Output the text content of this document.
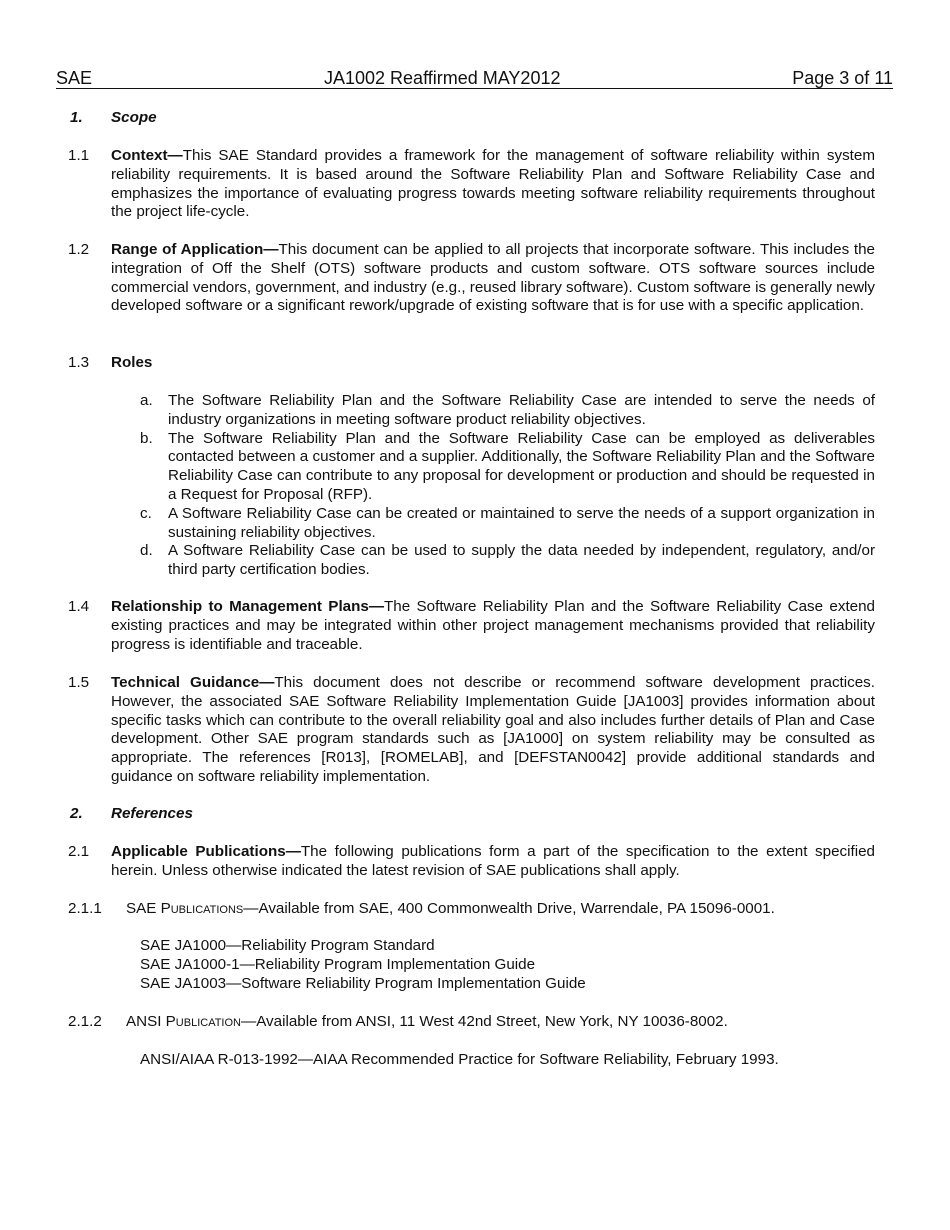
SAE	JA1002 Reaffirmed MAY2012	Page 3 of 11
1. Scope
1.1 Context—This SAE Standard provides a framework for the management of software reliability within system reliability requirements. It is based around the Software Reliability Plan and Software Reliability Case and emphasizes the importance of evaluating progress towards meeting software reliability requirements throughout the project life-cycle.

1.2 Range of Application—This document can be applied to all projects that incorporate software. This includes the integration of Off the Shelf (OTS) software products and custom software. OTS software sources include commercial vendors, government, and industry (e.g., reused library software). Custom software is generally newly developed software or a significant rework/upgrade of existing software that is for use with a specific application.

1.3 Roles
a. The Software Reliability Plan and the Software Reliability Case are intended to serve the needs of industry organizations in meeting software product reliability objectives.
b. The Software Reliability Plan and the Software Reliability Case can be employed as deliverables contacted between a customer and a supplier. Additionally, the Software Reliability Plan and the Software Reliability Case can contribute to any proposal for development or production and should be requested in a Request for Proposal (RFP).
c. A Software Reliability Case can be created or maintained to serve the needs of a support organization in sustaining reliability objectives.
d. A Software Reliability Case can be used to supply the data needed by independent, regulatory, and/or third party certification bodies.
1.4 Relationship to Management Plans—The Software Reliability Plan and the Software Reliability Case extend existing practices and may be integrated within other project management mechanisms provided that reliability progress is identifiable and traceable.

1.5 Technical Guidance—This document does not describe or recommend software development practices. However, the associated SAE Software Reliability Implementation Guide [JA1003] provides information about specific tasks which can contribute to the overall reliability goal and also includes further details of Plan and Case development. Other SAE program standards such as [JA1000] on system reliability may be consulted as appropriate. The references [R013], [ROMELAB], and [DEFSTAN0042] provide additional standards and guidance on software reliability implementation.

2. References
2.1 Applicable Publications—The following publications form a part of the specification to the extent specified herein. Unless otherwise indicated the latest revision of SAE publications shall apply.

2.1.1 SAE Publications—Available from SAE, 400 Commonwealth Drive, Warrendale, PA 15096-0001.
SAE JA1000—Reliability Program Standard
SAE JA1000-1—Reliability Program Implementation Guide
SAE JA1003—Software Reliability Program Implementation Guide
2.1.2 ANSI Publication—Available from ANSI, 11 West 42nd Street, New York, NY 10036-8002.
ANSI/AIAA R-013-1992—AIAA Recommended Practice for Software Reliability, February 1993.
